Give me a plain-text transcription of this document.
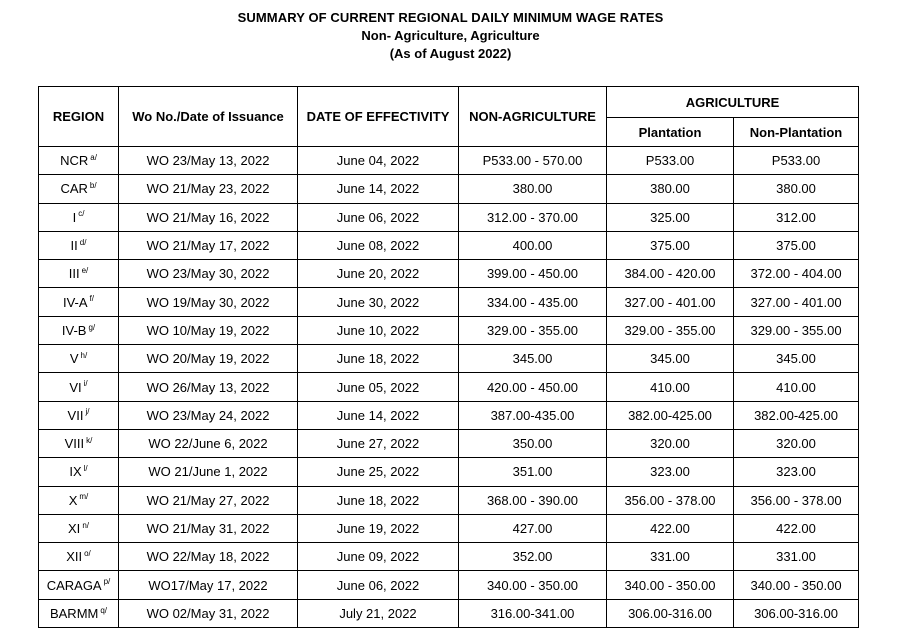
SUMMARY OF CURRENT REGIONAL DAILY MINIMUM WAGE RATES
Non- Agriculture, Agriculture
(As of August 2022)
REGION	Wo No./Date of Issuance	DATE OF EFFECTIVITY	NON-AGRICULTURE	AGRICULTURE	
				Plantation	Non-Plantation
NCR $^{a/}$	WO 23/May 13, 2022	June 04, 2022	P533.00 - 570.00	P533.00	P533.00
CAR $^{b/}$	WO 21/May 23, 2022	June 14, 2022	380.00	380.00	380.00
I $^{c/}$	WO 21/May 16, 2022	June 06, 2022	312.00 - 370.00	325.00	312.00
II $^{d/}$	WO 21/May 17, 2022	June 08, 2022	400.00	375.00	375.00
III $^{e/}$	WO 23/May 30, 2022	June 20, 2022	399.00 - 450.00	384.00 - 420.00	372.00 - 404.00
IV-A $^{f/}$	WO 19/May 30, 2022	June 30, 2022	334.00 - 435.00	327.00 - 401.00	327.00 - 401.00
IV-B $^{g/}$	WO 10/May 19, 2022	June 10, 2022	329.00 - 355.00	329.00 - 355.00	329.00 - 355.00
V $^{h/}$	WO 20/May 19, 2022	June 18, 2022	345.00	345.00	345.00
VI $^{i/}$	WO 26/May 13, 2022	June 05, 2022	420.00 - 450.00	410.00	410.00
VII $^{j/}$	WO 23/May 24, 2022	June 14, 2022	387.00-435.00	382.00-425.00	382.00-425.00
VIII $^{k/}$	WO 22/June 6, 2022	June 27, 2022	350.00	320.00	320.00
IX $^{l/}$	WO 21/June 1, 2022	June 25, 2022	351.00	323.00	323.00
X $^{m/}$	WO 21/May 27, 2022	June 18, 2022	368.00 - 390.00	356.00 - 378.00	356.00 - 378.00
XI $^{n/}$	WO 21/May 31, 2022	June 19, 2022	427.00	422.00	422.00
XII $^{o/}$	WO 22/May 18, 2022	June 09, 2022	352.00	331.00	331.00
CARAGA $^{p/}$	WO17/May 17, 2022	June 06, 2022	340.00 - 350.00	340.00 - 350.00	340.00 - 350.00
BARMM $^{q/}$	WO 02/May 31, 2022	July 21, 2022	316.00-341.00	306.00-316.00	306.00-316.00
